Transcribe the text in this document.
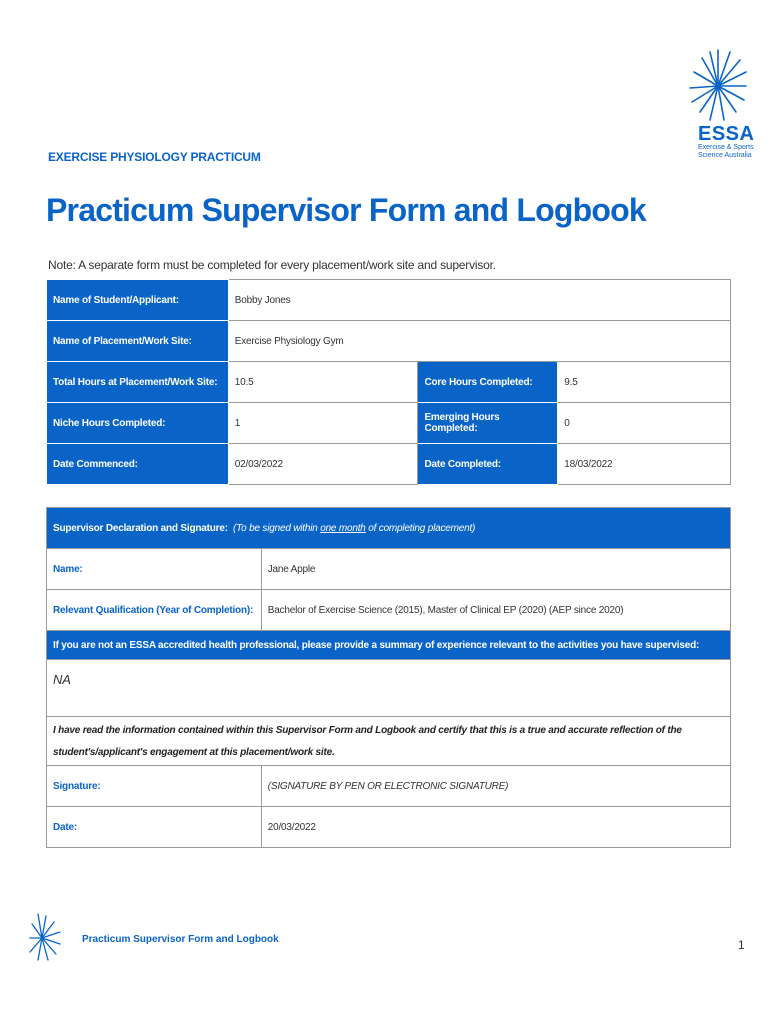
ESSA
Exercise & Sports
Science Australia
EXERCISE PHYSIOLOGY PRACTICUM
Practicum Supervisor Form and Logbook
Note: A separate form must be completed for every placement/work site and supervisor.
Name of Student/Applicant:	Bobby Jones		
Name of Placement/Work Site:	Exercise Physiology Gym		
Total Hours at Placement/Work Site:	10.5	Core Hours Completed:	9.5
Niche Hours Completed:	1	Emerging Hours Completed:	0
Date Commenced:	02/03/2022	Date Completed:	18/03/2022
Supervisor Declaration and Signature: (To be signed within one month of completing placement)	
Name:	Jane Apple
Relevant Qualification (Year of Completion):	Bachelor of Exercise Science (2015), Master of Clinical EP (2020) (AEP since 2020)
If you are not an ESSA accredited health professional, please provide a summary of experience relevant to the activities you have supervised:	
NA	
I have read the information contained within this Supervisor Form and Logbook and certify that this is a true and accurate reflection of the student's/applicant's engagement at this placement/work site.	
Signature:	(SIGNATURE BY PEN OR ELECTRONIC SIGNATURE)
Date:	20/03/2022
Practicum Supervisor Form and Logbook	1
